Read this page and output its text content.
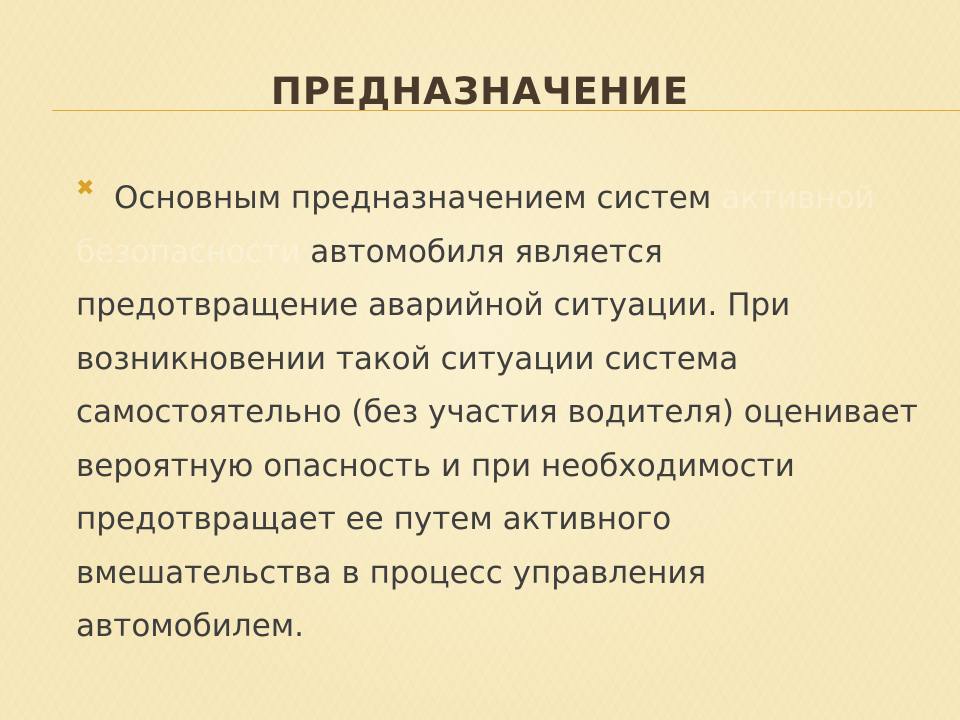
ПРЕДНАЗНАЧЕНИЕ
✖ Основным предназначением систем активной безопасности автомобиля является предотвращение аварийной ситуации. При возникновении такой ситуации система самостоятельно (без участия водителя) оценивает вероятную опасность и при необходимости предотвращает ее путем активного вмешательства в процесс управления автомобилем.
